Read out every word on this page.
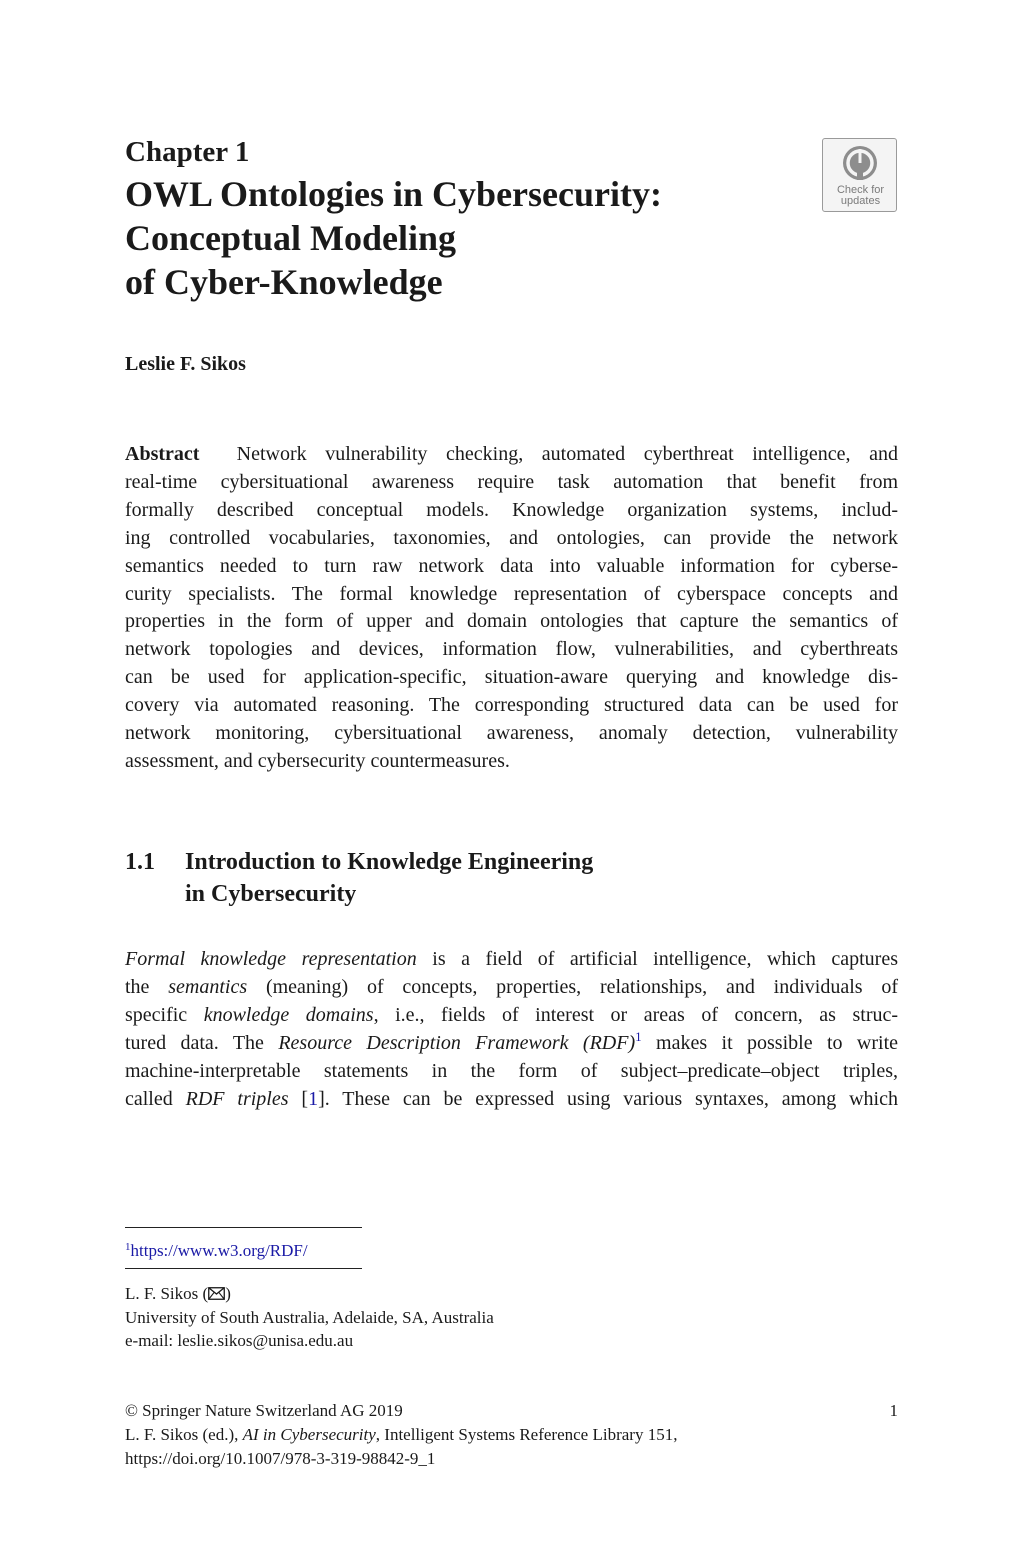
Chapter 1
OWL Ontologies in Cybersecurity:
Conceptual Modeling
of Cyber-Knowledge
Check for
updates
Leslie F. Sikos
Abstract Network vulnerability checking, automated cyberthreat intelligence, and
real-time cybersituational awareness require task automation that benefit from
formally described conceptual models. Knowledge organization systems, includ-
ing controlled vocabularies, taxonomies, and ontologies, can provide the network
semantics needed to turn raw network data into valuable information for cyberse-
curity specialists. The formal knowledge representation of cyberspace concepts and
properties in the form of upper and domain ontologies that capture the semantics of
network topologies and devices, information flow, vulnerabilities, and cyberthreats
can be used for application-specific, situation-aware querying and knowledge dis-
covery via automated reasoning. The corresponding structured data can be used for
network monitoring, cybersituational awareness, anomaly detection, vulnerability
assessment, and cybersecurity countermeasures.
1.1 Introduction to Knowledge Engineering
in Cybersecurity
Formal knowledge representation is a field of artificial intelligence, which captures
the semantics (meaning) of concepts, properties, relationships, and individuals of
specific knowledge domains, i.e., fields of interest or areas of concern, as struc-
tured data. The Resource Description Framework (RDF)$^1$ makes it possible to write
machine-interpretable statements in the form of subject–predicate–object triples,
called RDF triples [1]. These can be expressed using various syntaxes, among which
$^1$https://www.w3.org/RDF/
L. F. Sikos ( )
University of South Australia, Adelaide, SA, Australia
e-mail: leslie.sikos@unisa.edu.au
© Springer Nature Switzerland AG 2019
L. F. Sikos (ed.), AI in Cybersecurity, Intelligent Systems Reference Library 151,
https://doi.org/10.1007/978-3-319-98842-9_1
1
